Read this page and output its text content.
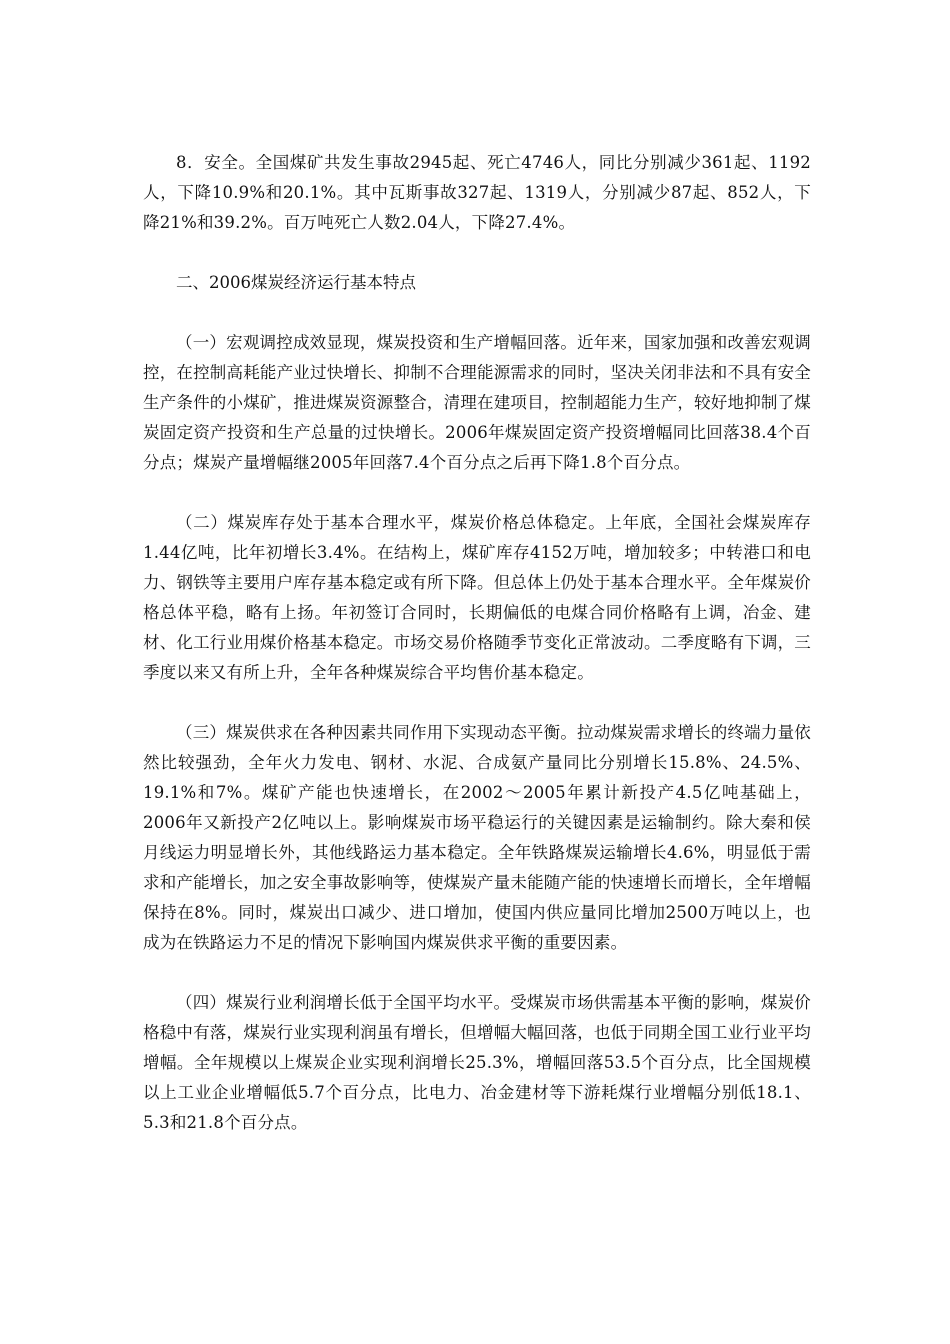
8．安全。全国煤矿共发生事故2945起、死亡4746人，同比分别减少361起、1192人，下降10.9%和20.1%。其中瓦斯事故327起、1319人，分别减少87起、852人，下降21%和39.2%。百万吨死亡人数2.04人，下降27.4%。

二、2006煤炭经济运行基本特点

（一）宏观调控成效显现，煤炭投资和生产增幅回落。近年来，国家加强和改善宏观调控，在控制高耗能产业过快增长、抑制不合理能源需求的同时，坚决关闭非法和不具有安全生产条件的小煤矿，推进煤炭资源整合，清理在建项目，控制超能力生产，较好地抑制了煤炭固定资产投资和生产总量的过快增长。2006年煤炭固定资产投资增幅同比回落38.4个百分点；煤炭产量增幅继2005年回落7.4个百分点之后再下降1.8个百分点。

（二）煤炭库存处于基本合理水平，煤炭价格总体稳定。上年底，全国社会煤炭库存1.44亿吨，比年初增长3.4%。在结构上，煤矿库存4152万吨，增加较多；中转港口和电力、钢铁等主要用户库存基本稳定或有所下降。但总体上仍处于基本合理水平。全年煤炭价格总体平稳，略有上扬。年初签订合同时，长期偏低的电煤合同价格略有上调，冶金、建材、化工行业用煤价格基本稳定。市场交易价格随季节变化正常波动。二季度略有下调，三季度以来又有所上升，全年各种煤炭综合平均售价基本稳定。

（三）煤炭供求在各种因素共同作用下实现动态平衡。拉动煤炭需求增长的终端力量依然比较强劲，全年火力发电、钢材、水泥、合成氨产量同比分别增长15.8%、24.5%、19.1%和7%。煤矿产能也快速增长，在2002～2005年累计新投产4.5亿吨基础上，2006年又新投产2亿吨以上。影响煤炭市场平稳运行的关键因素是运输制约。除大秦和侯月线运力明显增长外，其他线路运力基本稳定。全年铁路煤炭运输增长4.6%，明显低于需求和产能增长，加之安全事故影响等，使煤炭产量未能随产能的快速增长而增长，全年增幅保持在8%。同时，煤炭出口减少、进口增加，使国内供应量同比增加2500万吨以上，也成为在铁路运力不足的情况下影响国内煤炭供求平衡的重要因素。

（四）煤炭行业利润增长低于全国平均水平。受煤炭市场供需基本平衡的影响，煤炭价格稳中有落，煤炭行业实现利润虽有增长，但增幅大幅回落，也低于同期全国工业行业平均增幅。全年规模以上煤炭企业实现利润增长25.3%，增幅回落53.5个百分点，比全国规模以上工业企业增幅低5.7个百分点，比电力、冶金建材等下游耗煤行业增幅分别低18.1、5.3和21.8个百分点。
